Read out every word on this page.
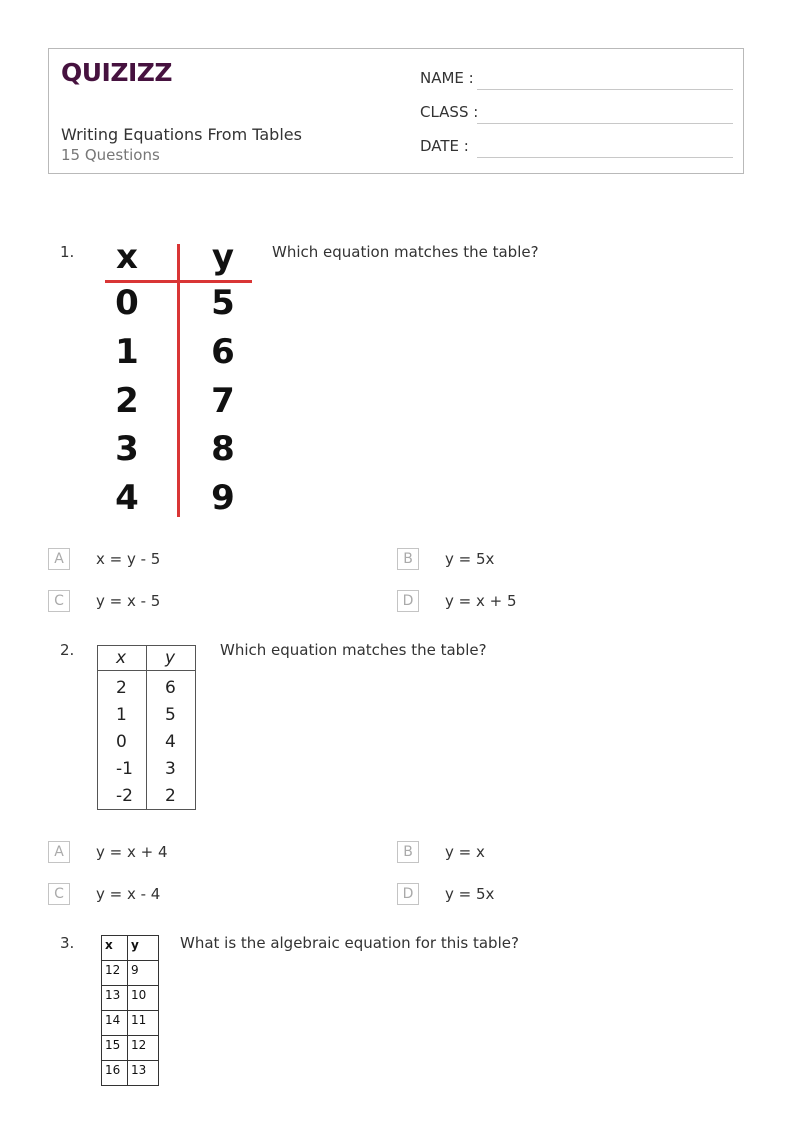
QUIZIZZ
Writing Equations From Tables
15 Questions
NAME :
CLASS :
DATE :
1. x y
0 5
1 6
2 7
3 8
4 9
Which equation matches the table?
A	x = y - 5	B	y = 5x
C	y = x - 5	D	y = x + 5
2. x	y
2	6
1	5
0	4
-1	3
-2	2
Which equation matches the table?
A	y = x + 4	B	y = x
C	y = x - 4	D	y = 5x
3.	x	y
12	9
13	10
14	11
15	12
16	13
What is the algebraic equation for this table?
